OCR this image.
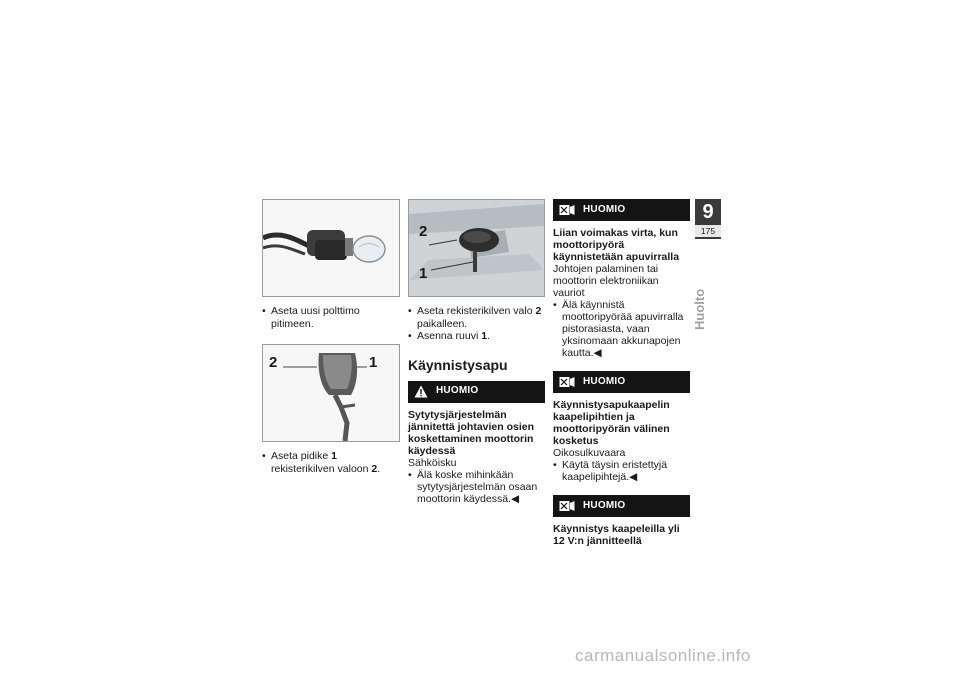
• Aseta uusi polttimo pitimeen.
2	1
• Aseta pidike 1 rekisterikilven valoon 2.
2
1
• Aseta rekisterikilven valo 2 paikalleen.
• Asenna ruuvi 1.
Käynnistysapu
HUOMIO
Sytytysjärjestelmän jännitettä johtavien osien koskettaminen moottorin käydessä
Sähköisku
• Älä koske mihinkään sytytysjärjestelmän osaan moottorin käydessä.◀
HUOMIO
Liian voimakas virta, kun moottoripyörä käynnistetään apuvirralla
Johtojen palaminen tai moottorin elektroniikan vauriot
• Älä käynnistä moottoripyörää apuvirralla pistorasiasta, vaan yksinomaan akkunapojen kautta.◀
HUOMIO
Käynnistysapukaapelin kaapelipihtien ja moottoripyörän välinen kosketus
Oikosulkuvaara
• Käytä täysin eristettyjä kaapelipihtejä.◀
HUOMIO
Käynnistys kaapeleilla yli 12 V:n jännitteellä
9
175
Huolto
carmanualsonline.info
